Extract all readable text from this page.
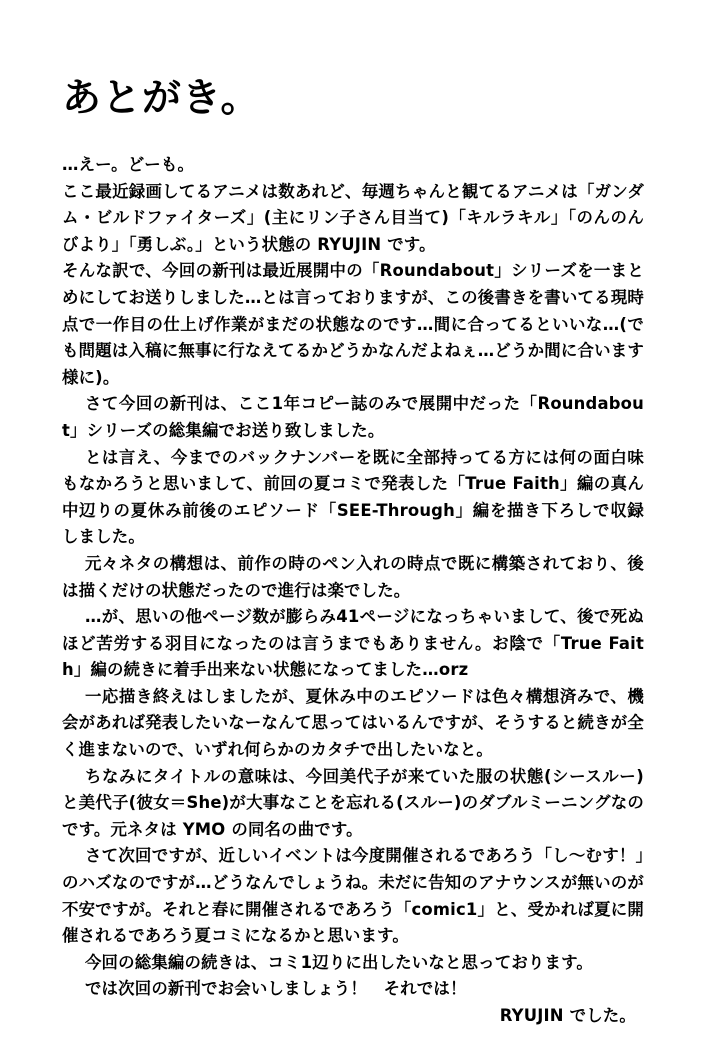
あとがき。

…えー。どーも。

ここ最近録画してるアニメは数あれど、毎週ちゃんと観てるアニメは「ガンダム・ビルドファイターズ」(主にリン子さん目当て)「キルラキル」「のんのんびより」「勇しぶ。」という状態の RYUJIN です。

そんな訳で、今回の新刊は最近展開中の「Roundabout」シリーズを一まとめにしてお送りしました…とは言っておりますが、この後書きを書いてる現時点で一作目の仕上げ作業がまだの状態なのです…間に合ってるといいな…(でも問題は入稿に無事に行なえてるかどうかなんだよねぇ…どうか間に合います様に)。

さて今回の新刊は、ここ1年コピー誌のみで展開中だった「Roundabout」シリーズの総集編でお送り致しました。

とは言え、今までのバックナンバーを既に全部持ってる方には何の面白味もなかろうと思いまして、前回の夏コミで発表した「True Faith」編の真ん中辺りの夏休み前後のエピソード「SEE-Through」編を描き下ろしで収録しました。

元々ネタの構想は、前作の時のペン入れの時点で既に構築されており、後は描くだけの状態だったので進行は楽でした。

…が、思いの他ページ数が膨らみ41ページになっちゃいまして、後で死ぬほど苦労する羽目になったのは言うまでもありません。お陰で「True Faith」編の続きに着手出来ない状態になってました…orz

一応描き終えはしましたが、夏休み中のエピソードは色々構想済みで、機会があれば発表したいなーなんて思ってはいるんですが、そうすると続きが全く進まないので、いずれ何らかのカタチで出したいなと。

ちなみにタイトルの意味は、今回美代子が来ていた服の状態(シースルー)と美代子(彼女＝She)が大事なことを忘れる(スルー)のダブルミーニングなのです。元ネタは YMO の同名の曲です。

さて次回ですが、近しいイベントは今度開催されるであろう「し～むす！」のハズなのですが…どうなんでしょうね。未だに告知のアナウンスが無いのが不安ですが。それと春に開催されるであろう「comic1」と、受かれば夏に開催されるであろう夏コミになるかと思います。

今回の総集編の続きは、コミ1辺りに出したいなと思っております。

では次回の新刊でお会いしましょう！　それでは！

RYUJIN でした。
